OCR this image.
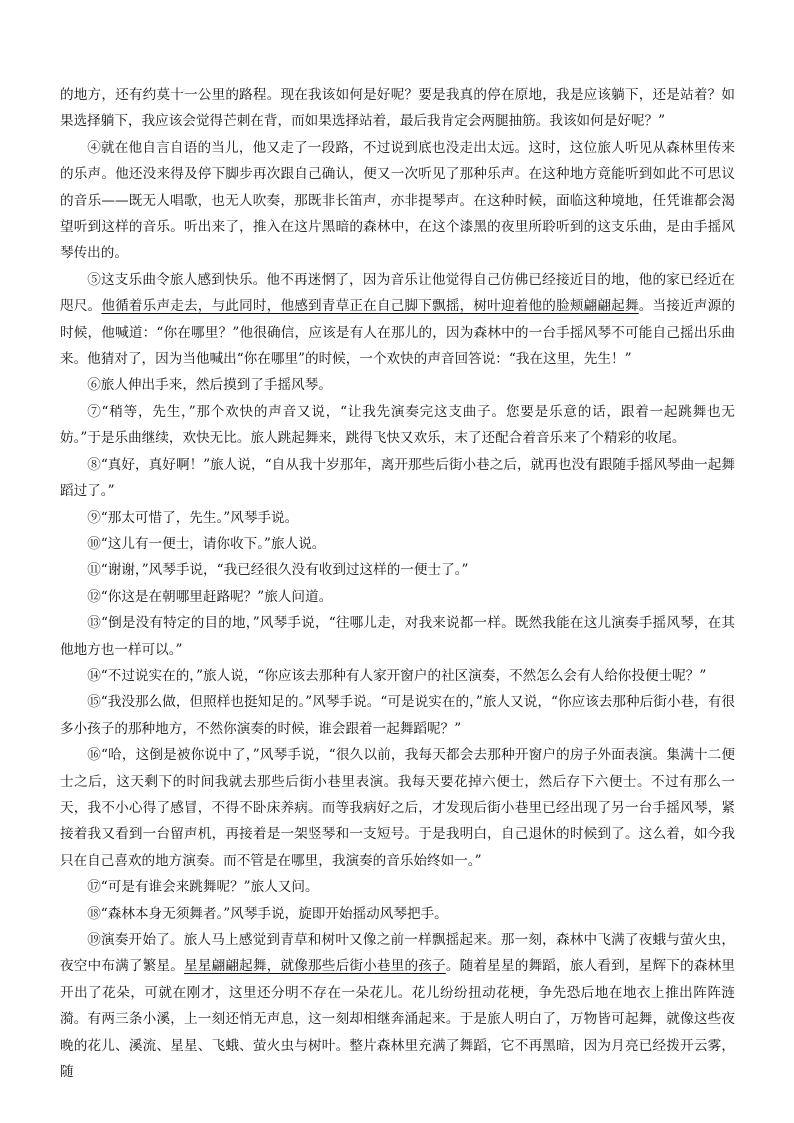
的地方，还有约莫十一公里的路程。现在我该如何是好呢？要是我真的停在原地，我是应该躺下，还是站着？如果选择躺下，我应该会觉得芒刺在背，而如果选择站着，最后我肯定会两腿抽筋。我该如何是好呢？”

④就在他自言自语的当儿，他又走了一段路，不过说到底也没走出太远。这时，这位旅人听见从森林里传来的乐声。他还没来得及停下脚步再次跟自己确认，便又一次听见了那种乐声。在这种地方竟能听到如此不可思议的音乐——既无人唱歌，也无人吹奏，那既非长笛声，亦非提琴声。在这种时候，面临这种境地，任凭谁都会渴望听到这样的音乐。听出来了，推入在这片黑暗的森林中，在这个漆黑的夜里所聆听到的这支乐曲，是由手摇风琴传出的。

⑤这支乐曲令旅人感到快乐。他不再迷惘了，因为音乐让他觉得自己仿佛已经接近目的地，他的家已经近在咫尺。他循着乐声走去，与此同时，他感到青草正在自己脚下飘摇，树叶迎着他的脸颊翩翩起舞。当接近声源的时候，他喊道：“你在哪里？”他很确信，应该是有人在那儿的，因为森林中的一台手摇风琴不可能自己摇出乐曲来。他猜对了，因为当他喊出“你在哪里”的时候，一个欢快的声音回答说：“我在这里，先生！”

⑥旅人伸出手来，然后摸到了手摇风琴。

⑦“稍等，先生，”那个欢快的声音又说，“让我先演奏完这支曲子。您要是乐意的话，跟着一起跳舞也无妨。”于是乐曲继续，欢快无比。旅人跳起舞来，跳得飞快又欢乐，末了还配合着音乐来了个精彩的收尾。

⑧“真好，真好啊！”旅人说，“自从我十岁那年，离开那些后街小巷之后，就再也没有跟随手摇风琴曲一起舞蹈过了。”

⑨“那太可惜了，先生。”风琴手说。

⑩“这儿有一便士，请你收下。”旅人说。

⑪“谢谢，”风琴手说，“我已经很久没有收到过这样的一便士了。”

⑫“你这是在朝哪里赶路呢？”旅人问道。

⑬“倒是没有特定的目的地，”风琴手说，“往哪儿走，对我来说都一样。既然我能在这儿演奏手摇风琴，在其他地方也一样可以。”

⑭“不过说实在的，”旅人说，“你应该去那种有人家开窗户的社区演奏，不然怎么会有人给你投便士呢？”

⑮“我没那么做，但照样也挺知足的。”风琴手说。“可是说实在的，”旅人又说，“你应该去那种后街小巷，有很多小孩子的那种地方，不然你演奏的时候，谁会跟着一起舞蹈呢？”

⑯“哈，这倒是被你说中了，”风琴手说，“很久以前，我每天都会去那种开窗户的房子外面表演。集满十二便士之后，这天剩下的时间我就去那些后街小巷里表演。我每天要花掉六便士，然后存下六便士。不过有那么一天，我不小心得了感冒，不得不卧床养病。而等我病好之后，才发现后街小巷里已经出现了另一台手摇风琴，紧接着我又看到一台留声机，再接着是一架竖琴和一支短号。于是我明白，自己退休的时候到了。这么着，如今我只在自己喜欢的地方演奏。而不管是在哪里，我演奏的音乐始终如一。”

⑰“可是有谁会来跳舞呢？”旅人又问。

⑱“森林本身无须舞者。”风琴手说，旋即开始摇动风琴把手。

⑲演奏开始了。旅人马上感觉到青草和树叶又像之前一样飘摇起来。那一刻，森林中飞满了夜蛾与萤火虫，夜空中布满了繁星。星星翩翩起舞，就像那些后街小巷里的孩子。随着星星的舞蹈，旅人看到，星辉下的森林里开出了花朵，可就在刚才，这里还分明不存在一朵花儿。花儿纷纷扭动花梗，争先恐后地在地衣上推出阵阵涟漪。有两三条小溪，上一刻还悄无声息，这一刻却相继奔涌起来。于是旅人明白了，万物皆可起舞，就像这些夜晚的花儿、溪流、星星、飞蛾、萤火虫与树叶。整片森林里充满了舞蹈，它不再黑暗，因为月亮已经拨开云雾，随
